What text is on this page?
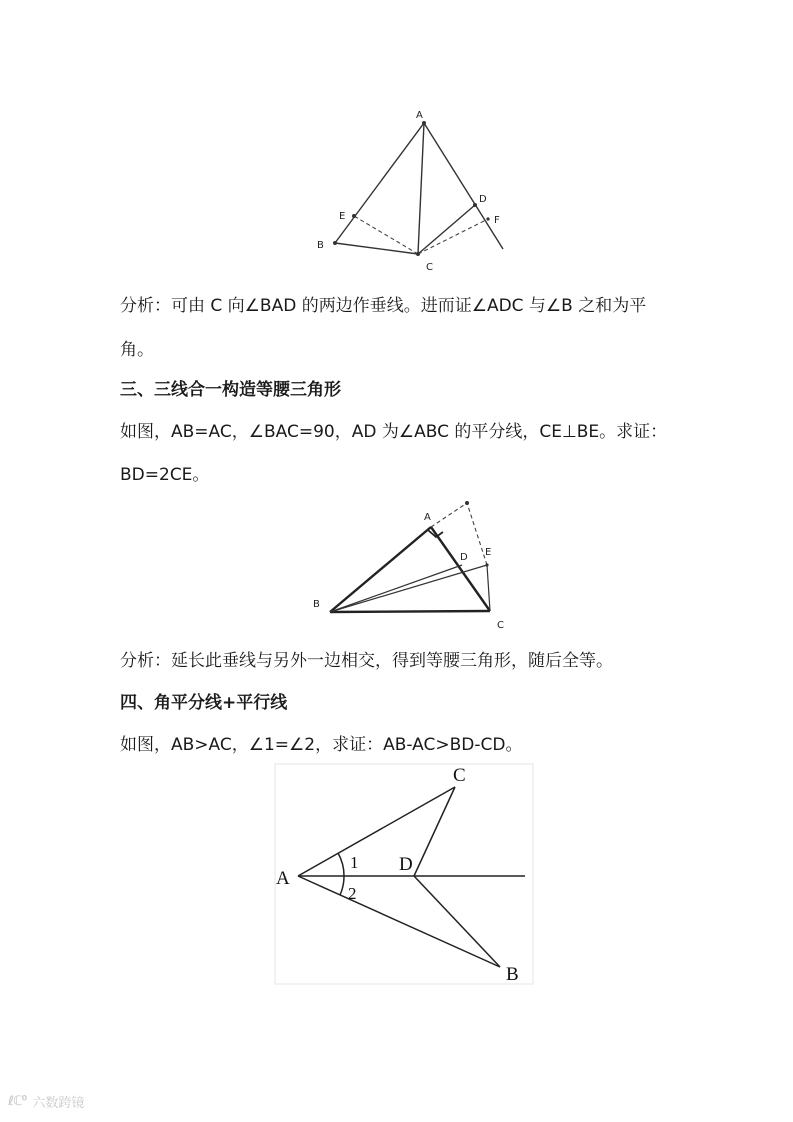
A
B
C
D
E	F

分析：可由 C 向∠BAD 的两边作垂线。进而证∠ADC 与∠B 之和为平

角。

三、三线合一构造等腰三角形

如图，AB=AC，∠BAC=90，AD 为∠ABC 的平分线，CE⊥BE。求证：

BD=2CE。

A
B
C
D E

分析：延长此垂线与另外一边相交，得到等腰三角形，随后全等。

四、角平分线+平行线

如图，AB>AC，∠1=∠2，求证：AB-AC>BD-CD。

A
C
D
B
1
2
ℓℂ⁰ 六数跨镜
